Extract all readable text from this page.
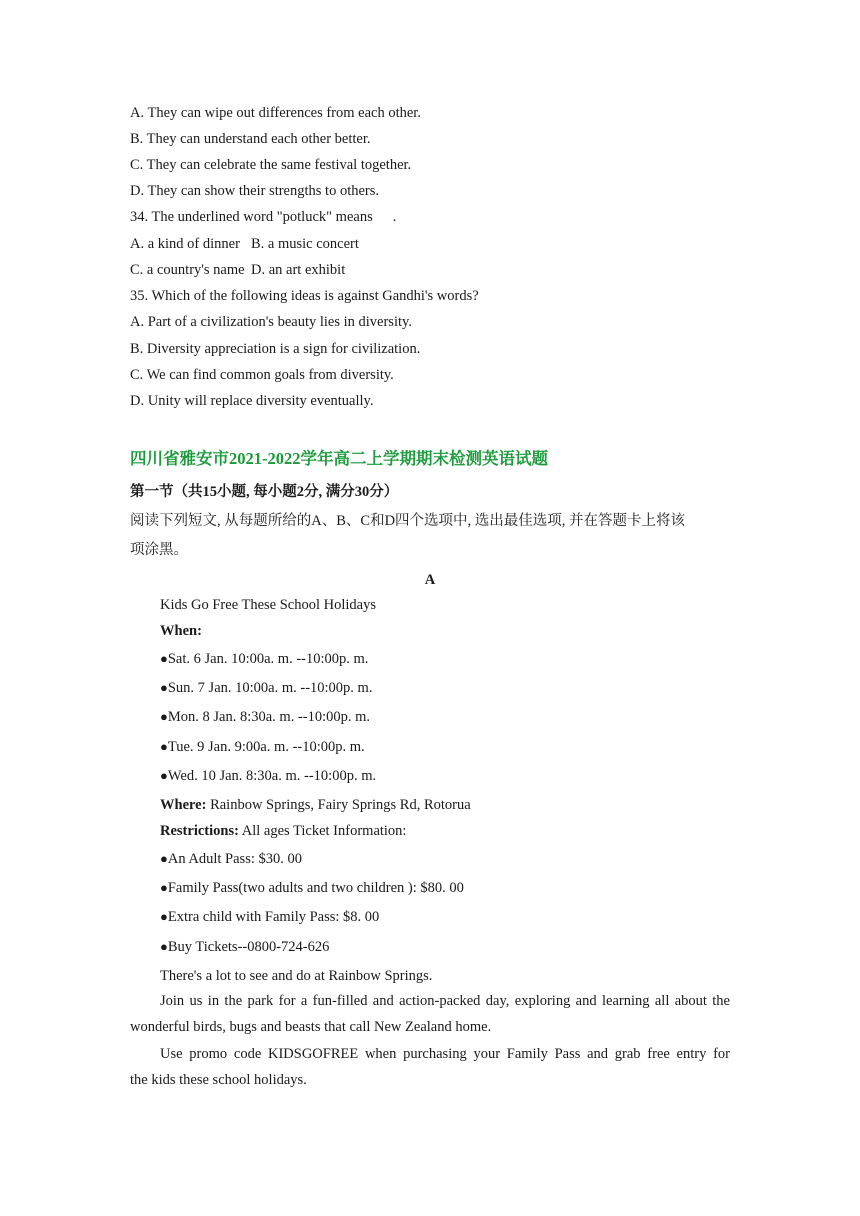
A. They can wipe out differences from each other.
B. They can understand each other better.
C. They can celebrate the same festival together.
D. They can show their strengths to others.
34. The underlined word "potluck" means .
A. a kind of dinner B. a music concert
C. a country's name D. an art exhibit
35. Which of the following ideas is against Gandhi's words?
A. Part of a civilization's beauty lies in diversity.
B. Diversity appreciation is a sign for civilization.
C. We can find common goals from diversity.
D. Unity will replace diversity eventually.
四川省雅安市2021-2022学年高二上学期期末检测英语试题
第一节（共15小题, 每小题2分, 满分30分）
阅读下列短文, 从每题所给的A、B、C和D四个选项中, 选出最佳选项, 并在答题卡上将该
项涂黑。
A
Kids Go Free These School Holidays
When:
●Sat. 6 Jan. 10:00a. m. --10:00p. m.
●Sun. 7 Jan. 10:00a. m. --10:00p. m.
●Mon. 8 Jan. 8:30a. m. --10:00p. m.
●Tue. 9 Jan. 9:00a. m. --10:00p. m.
●Wed. 10 Jan. 8:30a. m. --10:00p. m.
Where: Rainbow Springs, Fairy Springs Rd, Rotorua
Restrictions: All ages Ticket Information:
●An Adult Pass: $30. 00
●Family Pass(two adults and two children ): $80. 00
●Extra child with Family Pass: $8. 00
●Buy Tickets--0800-724-626
There's a lot to see and do at Rainbow Springs.
Join us in the park for a fun-filled and action-packed day, exploring and learning all about the
wonderful birds, bugs and beasts that call New Zealand home.
Use promo code KIDSGOFREE when purchasing your Family Pass and grab free entry for
the kids these school holidays.
